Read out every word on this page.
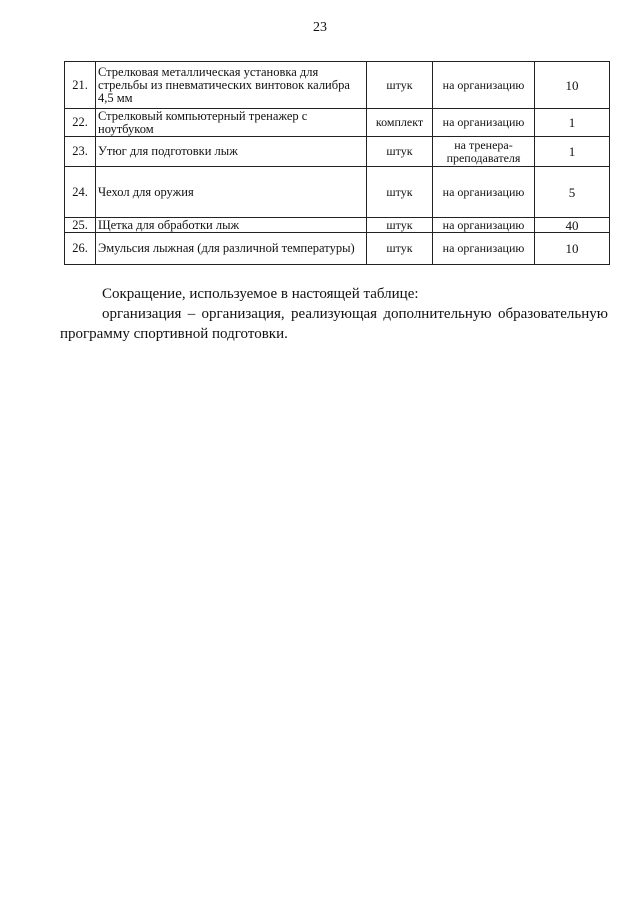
23
21.	Стрелковая металлическая установка для стрельбы из пневматических винтовок калибра 4,5 мм	штук	на организацию	10
22.	Стрелковый компьютерный тренажер с ноутбуком	комплект	на организацию	1
23.	Утюг для подготовки лыж	штук	на тренера-преподавателя	1
24.	Чехол для оружия	штук	на организацию	5
25.	Щетка для обработки лыж	штук	на организацию	40
26.	Эмульсия лыжная (для различной температуры)	штук	на организацию	10
Сокращение, используемое в настоящей таблице:
организация – организация, реализующая дополнительную образовательную программу спортивной подготовки.
